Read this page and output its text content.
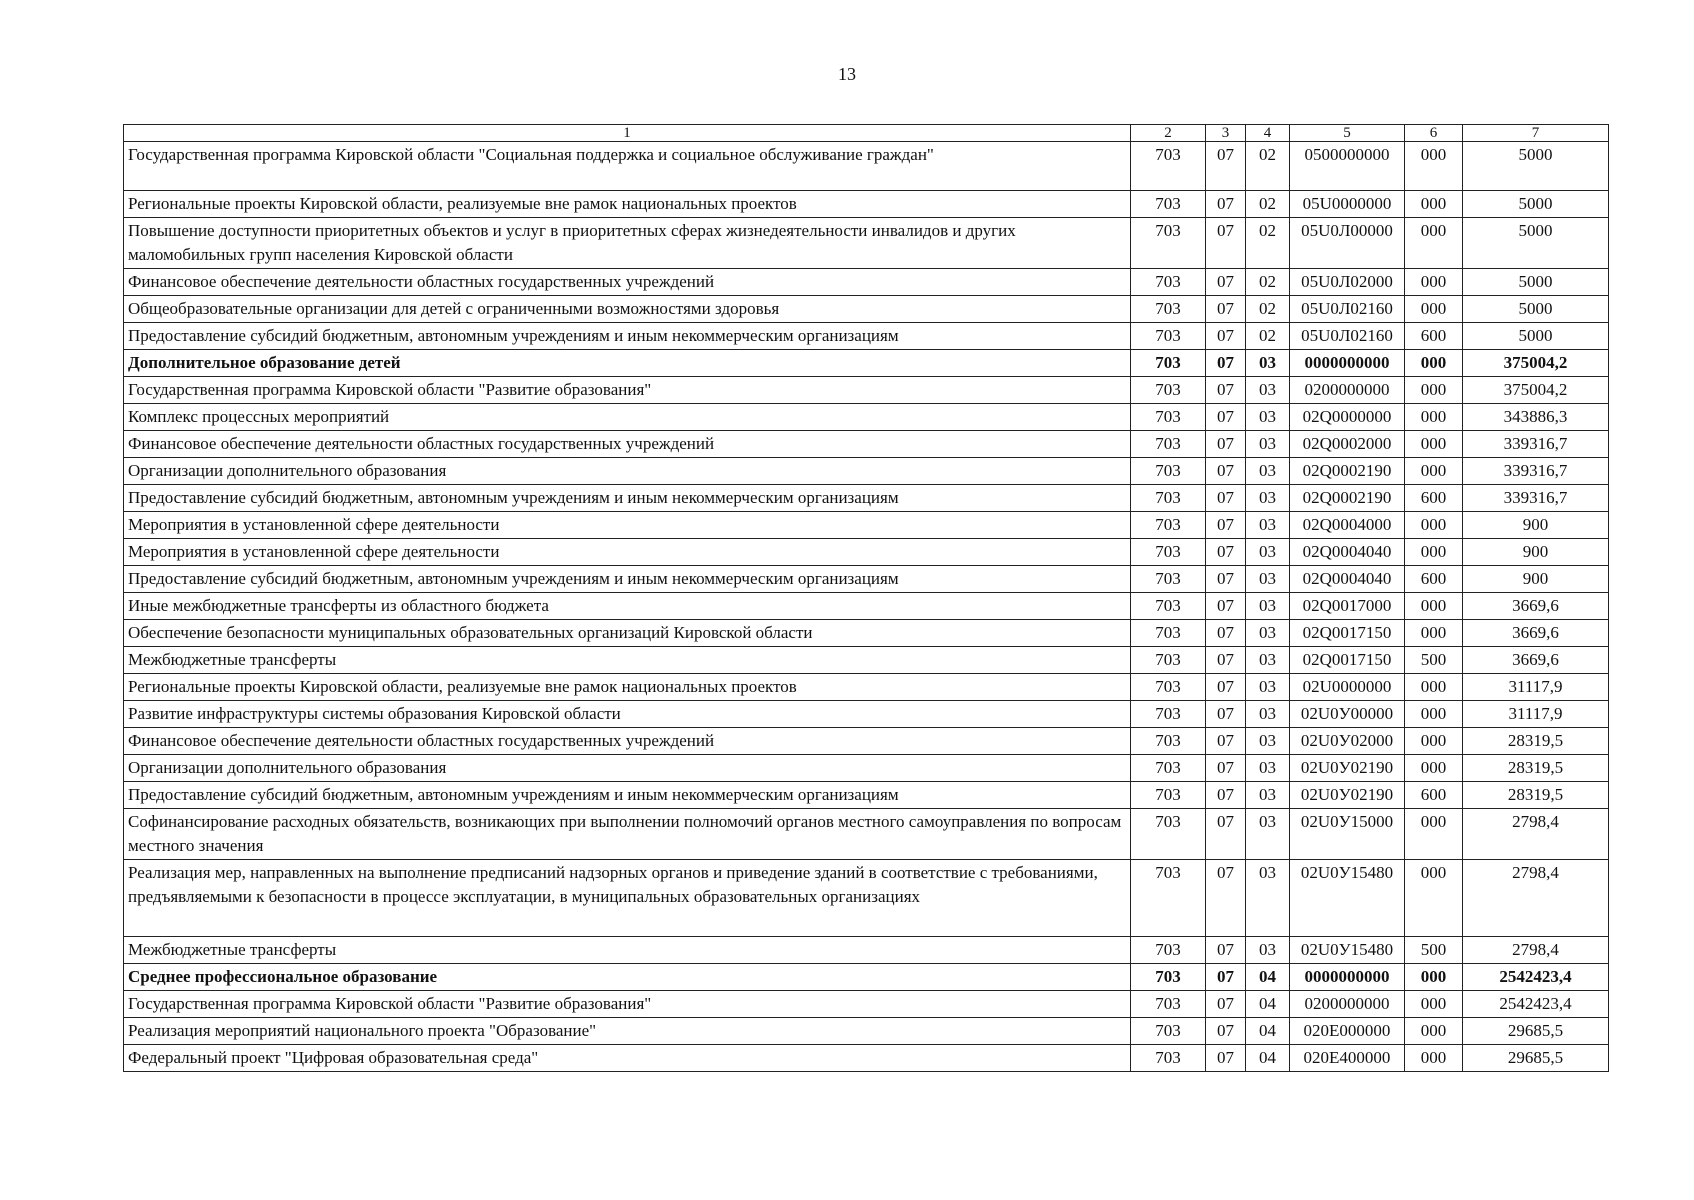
13
1	2	3	4	5	6	7
Государственная программа Кировской области "Социальная поддержка и социальное обслуживание граждан"	703	07	02	0500000000	000	5000
Региональные проекты Кировской области, реализуемые вне рамок национальных проектов	703	07	02	05U0000000	000	5000
Повышение доступности приоритетных объектов и услуг в приоритетных сферах жизнедеятельности инвалидов и других маломобильных групп населения Кировской области	703	07	02	05U0Л00000	000	5000
Финансовое обеспечение деятельности областных государственных учреждений	703	07	02	05U0Л02000	000	5000
Общеобразовательные организации для детей с ограниченными возможностями здоровья	703	07	02	05U0Л02160	000	5000
Предоставление субсидий бюджетным, автономным учреждениям и иным некоммерческим организациям	703	07	02	05U0Л02160	600	5000
Дополнительное образование детей	703	07	03	0000000000	000	375004,2
Государственная программа Кировской области "Развитие образования"	703	07	03	0200000000	000	375004,2
Комплекс процессных мероприятий	703	07	03	02Q0000000	000	343886,3
Финансовое обеспечение деятельности областных государственных учреждений	703	07	03	02Q0002000	000	339316,7
Организации дополнительного образования	703	07	03	02Q0002190	000	339316,7
Предоставление субсидий бюджетным, автономным учреждениям и иным некоммерческим организациям	703	07	03	02Q0002190	600	339316,7
Мероприятия в установленной сфере деятельности	703	07	03	02Q0004000	000	900
Мероприятия в установленной сфере деятельности	703	07	03	02Q0004040	000	900
Предоставление субсидий бюджетным, автономным учреждениям и иным некоммерческим организациям	703	07	03	02Q0004040	600	900
Иные межбюджетные трансферты из областного бюджета	703	07	03	02Q0017000	000	3669,6
Обеспечение безопасности муниципальных образовательных организаций Кировской области	703	07	03	02Q0017150	000	3669,6
Межбюджетные трансферты	703	07	03	02Q0017150	500	3669,6
Региональные проекты Кировской области, реализуемые вне рамок национальных проектов	703	07	03	02U0000000	000	31117,9
Развитие инфраструктуры системы образования Кировской области	703	07	03	02U0У00000	000	31117,9
Финансовое обеспечение деятельности областных государственных учреждений	703	07	03	02U0У02000	000	28319,5
Организации дополнительного образования	703	07	03	02U0У02190	000	28319,5
Предоставление субсидий бюджетным, автономным учреждениям и иным некоммерческим организациям	703	07	03	02U0У02190	600	28319,5
Софинансирование расходных обязательств, возникающих при выполнении полномочий органов местного самоуправления по вопросам местного значения	703	07	03	02U0У15000	000	2798,4
Реализация мер, направленных на выполнение предписаний надзорных органов и приведение зданий в соответствие с требованиями, предъявляемыми к безопасности в процессе эксплуатации, в муниципальных образовательных организациях	703	07	03	02U0У15480	000	2798,4
Межбюджетные трансферты	703	07	03	02U0У15480	500	2798,4
Среднее профессиональное образование	703	07	04	0000000000	000	2542423,4
Государственная программа Кировской области "Развитие образования"	703	07	04	0200000000	000	2542423,4
Реализация мероприятий национального проекта "Образование"	703	07	04	020E000000	000	29685,5
Федеральный проект "Цифровая образовательная среда"	703	07	04	020E400000	000	29685,5
